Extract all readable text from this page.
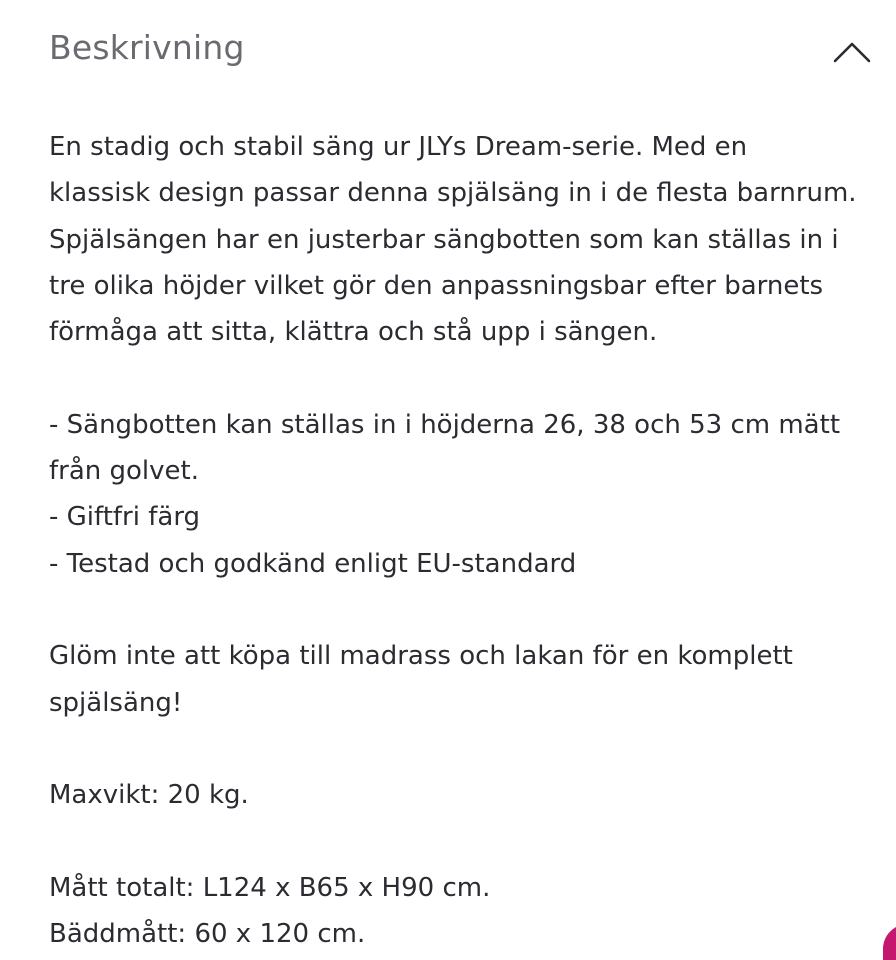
Beskrivning

En stadig och stabil säng ur JLYs Dream-serie. Med en

klassisk design passar denna spjälsäng in i de flesta barnrum.

Spjälsängen har en justerbar sängbotten som kan ställas in i

tre olika höjder vilket gör den anpassningsbar efter barnets

förmåga att sitta, klättra och stå upp i sängen.

- Sängbotten kan ställas in i höjderna 26, 38 och 53 cm mätt

från golvet.

- Giftfri färg

- Testad och godkänd enligt EU-standard

Glöm inte att köpa till madrass och lakan för en komplett

spjälsäng!

Maxvikt: 20 kg.

Mått totalt: L124 x B65 x H90 cm.

Bäddmått: 60 x 120 cm.
